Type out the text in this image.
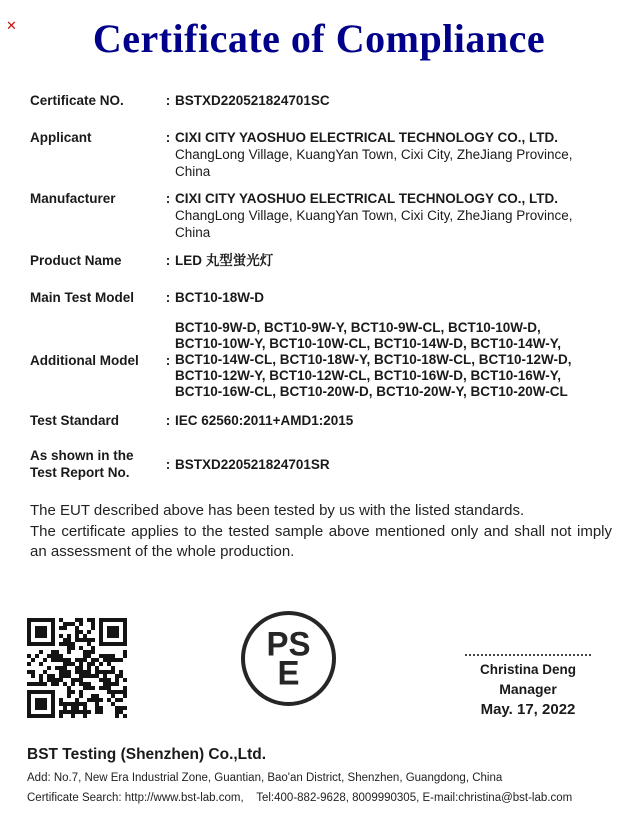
✕	Certificate of Compliance
Certificate NO.	: BSTXD220521824701SC
Applicant	: CIXI CITY YAOSHUO ELECTRICAL TECHNOLOGY CO., LTD.
ChangLong Village, KuangYan Town, Cixi City, ZheJiang Province,
China
Manufacturer	: CIXI CITY YAOSHUO ELECTRICAL TECHNOLOGY CO., LTD.
ChangLong Village, KuangYan Town, Cixi City, ZheJiang Province,
China
Product Name	: LED 丸型蛍光灯
Main Test Model	: BCT10-18W-D
Additional Model	:
BCT10-9W-D, BCT10-9W-Y, BCT10-9W-CL, BCT10-10W-D,
BCT10-10W-Y, BCT10-10W-CL, BCT10-14W-D, BCT10-14W-Y,
BCT10-14W-CL, BCT10-18W-Y, BCT10-18W-CL, BCT10-12W-D,
BCT10-12W-Y, BCT10-12W-CL, BCT10-16W-D, BCT10-16W-Y,
BCT10-16W-CL, BCT10-20W-D, BCT10-20W-Y, BCT10-20W-CL
Test Standard	: IEC 62560:2011+AMD1:2015
As shown in the
Test Report No.
: BSTXD220521824701SR
The EUT described above has been tested by us with the listed standards.
The certificate applies to the tested sample above mentioned only and shall not imply an assessment of the whole production.
PS
E	Christina Deng
Manager
May. 17, 2022
BST Testing (Shenzhen) Co.,Ltd.
Add: No.7, New Era Industrial Zone, Guantian, Bao'an District, Shenzhen, Guangdong, China
Certificate Search: http://www.bst-lab.com,    Tel:400-882-9628, 8009990305, E-mail:christina@bst-lab.com
